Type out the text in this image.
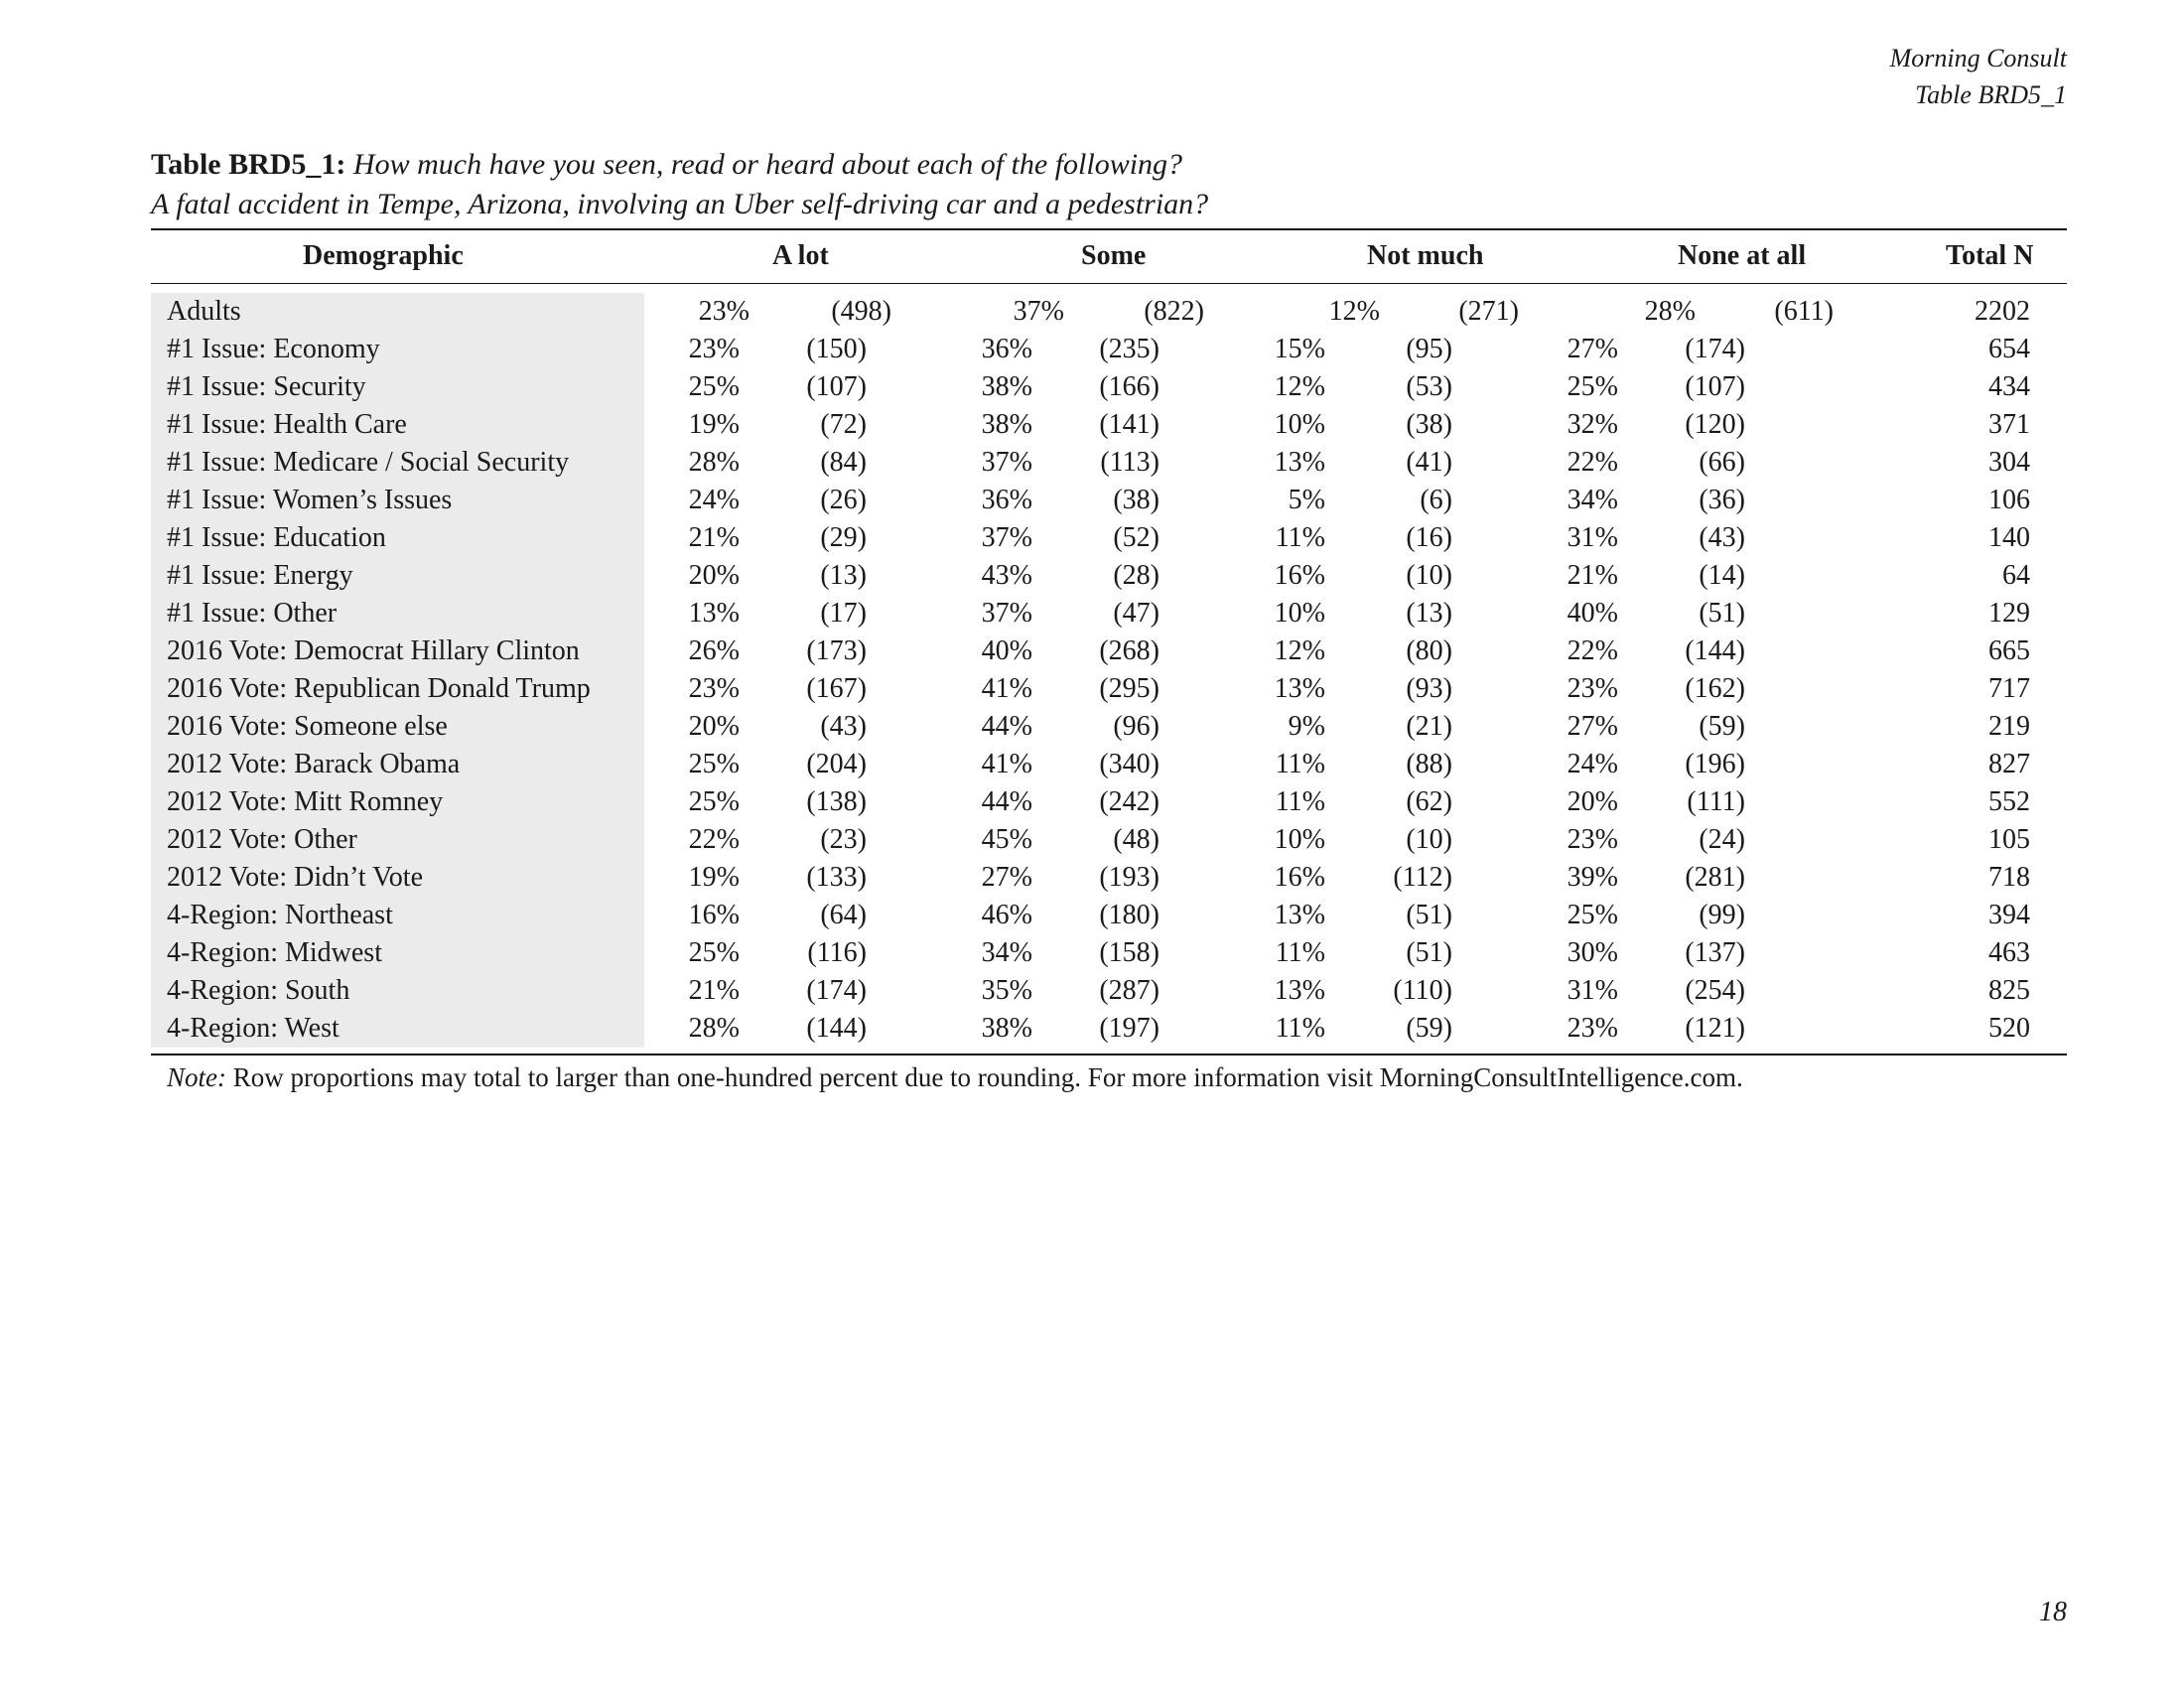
Morning Consult
Table BRD5_1
Table BRD5_1: How much have you seen, read or heard about each of the following?
A fatal accident in Tempe, Arizona, involving an Uber self-driving car and a pedestrian?
Demographic	A lot	Some	Not much	None at all	Total N
Adults	23%	(498)	37%	(822)	12%	(271)	28%	(611)	2202
#1 Issue: Economy	23% (150)	36% (235)	15%	(95)	27% (174)	654
#1 Issue: Security	25% (107)	38% (166)	12%	(53)	25% (107)	434
#1 Issue: Health Care	19%	(72)	38% (141)	10%	(38)	32% (120)	371
#1 Issue: Medicare / Social Security	28%	(84)	37% (113)	13%	(41)	22%	(66)	304
#1 Issue: Women’s Issues	24%	(26)	36%	(38)	5%	(6)	34%	(36)	106
#1 Issue: Education	21%	(29)	37%	(52)	11%	(16)	31%	(43)	140
#1 Issue: Energy	20%	(13)	43%	(28)	16%	(10)	21%	(14)	64
#1 Issue: Other	13%	(17)	37%	(47)	10%	(13)	40%	(51)	129
2016 Vote: Democrat Hillary Clinton	26% (173)	40% (268)	12%	(80)	22% (144)	665
2016 Vote: Republican Donald Trump	23% (167)	41% (295)	13%	(93)	23% (162)	717
2016 Vote: Someone else	20%	(43)	44%	(96)	9%	(21)	27%	(59)	219
2012 Vote: Barack Obama	25% (204)	41% (340)	11%	(88)	24% (196)	827
2012 Vote: Mitt Romney	25% (138)	44% (242)	11%	(62)	20% (111)	552
2012 Vote: Other	22%	(23)	45%	(48)	10%	(10)	23%	(24)	105
2012 Vote: Didn’t Vote	19% (133)	27% (193)	16% (112)	39% (281)	718
4-Region: Northeast	16%	(64)	46% (180)	13%	(51)	25%	(99)	394
4-Region: Midwest	25% (116)	34% (158)	11%	(51)	30% (137)	463
4-Region: South	21% (174)	35% (287)	13% (110)	31% (254)	825
4-Region: West	28% (144)	38% (197)	11%	(59)	23% (121)	520
Note: Row proportions may total to larger than one-hundred percent due to rounding. For more information visit MorningConsultIntelligence.com.
18
